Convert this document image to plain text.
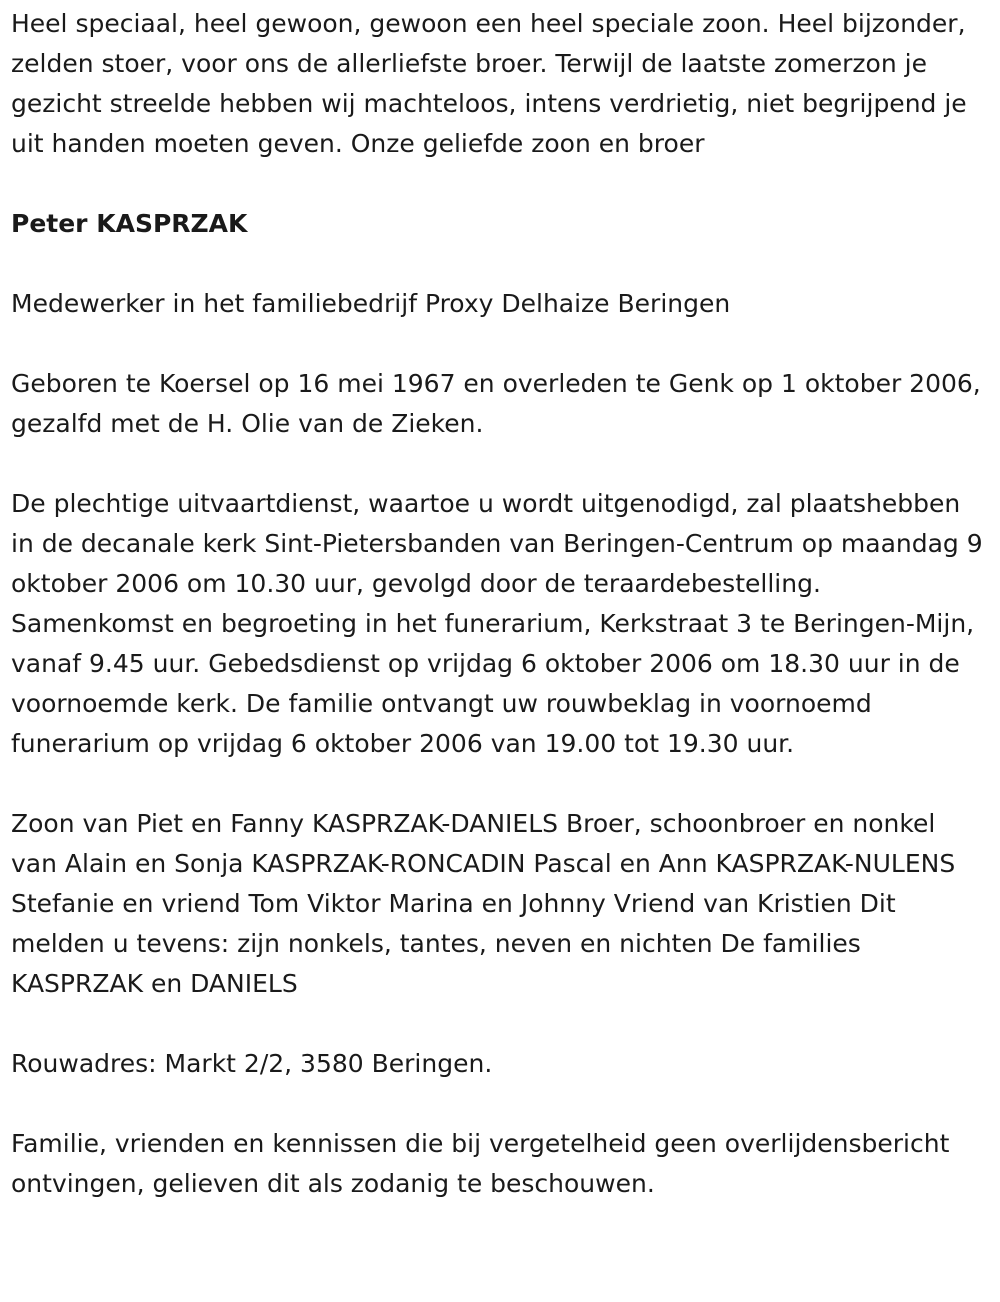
Heel speciaal, heel gewoon, gewoon een heel speciale zoon. Heel bijzonder, zelden stoer, voor ons de allerliefste broer. Terwijl de laatste zomerzon je gezicht streelde hebben wij machteloos, intens verdrietig, niet begrijpend je uit handen moeten geven. Onze geliefde zoon en broer

Peter KASPRZAK

Medewerker in het familiebedrijf Proxy Delhaize Beringen

Geboren te Koersel op 16 mei 1967 en overleden te Genk op 1 oktober 2006, gezalfd met de H. Olie van de Zieken.

De plechtige uitvaartdienst, waartoe u wordt uitgenodigd, zal plaatshebben in de decanale kerk Sint-Pietersbanden van Beringen-Centrum op maandag 9 oktober 2006 om 10.30 uur, gevolgd door de teraardebestelling. Samenkomst en begroeting in het funerarium, Kerkstraat 3 te Beringen-Mijn, vanaf 9.45 uur. Gebedsdienst op vrijdag 6 oktober 2006 om 18.30 uur in de voornoemde kerk. De familie ontvangt uw rouwbeklag in voornoemd funerarium op vrijdag 6 oktober 2006 van 19.00 tot 19.30 uur.

Zoon van Piet en Fanny KASPRZAK-DANIELS Broer, schoonbroer en nonkel van Alain en Sonja KASPRZAK-RONCADIN Pascal en Ann KASPRZAK-NULENS Stefanie en vriend Tom Viktor Marina en Johnny Vriend van Kristien Dit melden u tevens: zijn nonkels, tantes, neven en nichten De families KASPRZAK en DANIELS

Rouwadres: Markt 2/2, 3580 Beringen.

Familie, vrienden en kennissen die bij vergetelheid geen overlijdensbericht ontvingen, gelieven dit als zodanig te beschouwen.
